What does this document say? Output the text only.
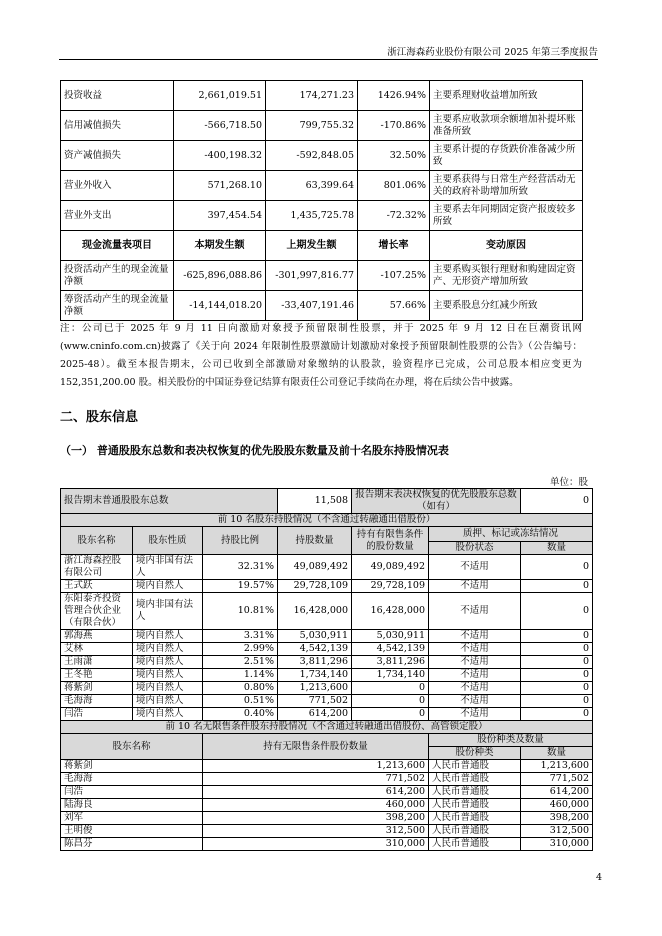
浙江海森药业股份有限公司 2025 年第三季度报告
投资收益	2,661,019.51	174,271.23	1426.94%	主要系理财收益增加所致
信用减值损失	-566,718.50	799,755.32	-170.86%	主要系应收款项余额增加补提坏账准备所致
资产减值损失	-400,198.32	-592,848.05	32.50%	主要系计提的存货跌价准备减少所致
营业外收入	571,268.10	63,399.64	801.06%	主要系获得与日常生产经营活动无关的政府补助增加所致
营业外支出	397,454.54	1,435,725.78	-72.32%	主要系去年同期固定资产报废较多所致
现金流量表项目	本期发生额	上期发生额	增长率	变动原因
投资活动产生的现金流量净额	-625,896,088.86	-301,997,816.77	-107.25%	主要系购买银行理财和购建固定资产、无形资产增加所致
筹资活动产生的现金流量净额	-14,144,018.20	-33,407,191.46	57.66%	主要系股息分红减少所致
注：公司已于 2025 年 9 月 11 日向激励对象授予预留限制性股票，并于 2025 年 9 月 12 日在巨潮资讯网(www.cninfo.com.cn)披露了《关于向 2024 年限制性股票激励计划激励对象授予预留限制性股票的公告》（公告编号：2025-48）。截至本报告期末，公司已收到全部激励对象缴纳的认股款，验资程序已完成，公司总股本相应变更为 152,351,200.00 股。相关股份的中国证券登记结算有限责任公司登记手续尚在办理，将在后续公告中披露。
二、股东信息
（一） 普通股股东总数和表决权恢复的优先股股东数量及前十名股东持股情况表
单位：股
报告期末普通股股东总数			11,508	报告期末表决权恢复的优先股股东总数（如有）		0
前 10 名股东持股情况（不含通过转融通出借股份）						
股东名称	股东性质	持股比例	持股数量	持有有限售条件的股份数量	质押、标记或冻结情况	
					股份状态	数量
浙江海森控股有限公司	境内非国有法人	32.31%	49,089,492	49,089,492	不适用	0
王式跃	境内自然人	19.57%	29,728,109	29,728,109	不适用	0
东阳泰齐投资管理合伙企业（有限合伙）	境内非国有法人	10.81%	16,428,000	16,428,000	不适用	0
郭海燕	境内自然人	3.31%	5,030,911	5,030,911	不适用	0
艾林	境内自然人	2.99%	4,542,139	4,542,139	不适用	0
王雨潇	境内自然人	2.51%	3,811,296	3,811,296	不适用	0
王冬艳	境内自然人	1.14%	1,734,140	1,734,140	不适用	0
蒋紫剑	境内自然人	0.80%	1,213,600	0	不适用	0
毛海海	境内自然人	0.51%	771,502	0	不适用	0
闫浩	境内自然人	0.40%	614,200	0	不适用	0
前 10 名无限售条件股东持股情况（不含通过转融通出借股份、高管锁定股）						
股东名称		持有无限售条件股份数量			股份种类及数量	
					股份种类	数量
蒋紫剑		1,213,600			人民币普通股	1,213,600
毛海海		771,502			人民币普通股	771,502
闫浩		614,200			人民币普通股	614,200
陆海良		460,000			人民币普通股	460,000
刘军		398,200			人民币普通股	398,200
王明俊		312,500			人民币普通股	312,500
陈昌芬		310,000			人民币普通股	310,000
4
